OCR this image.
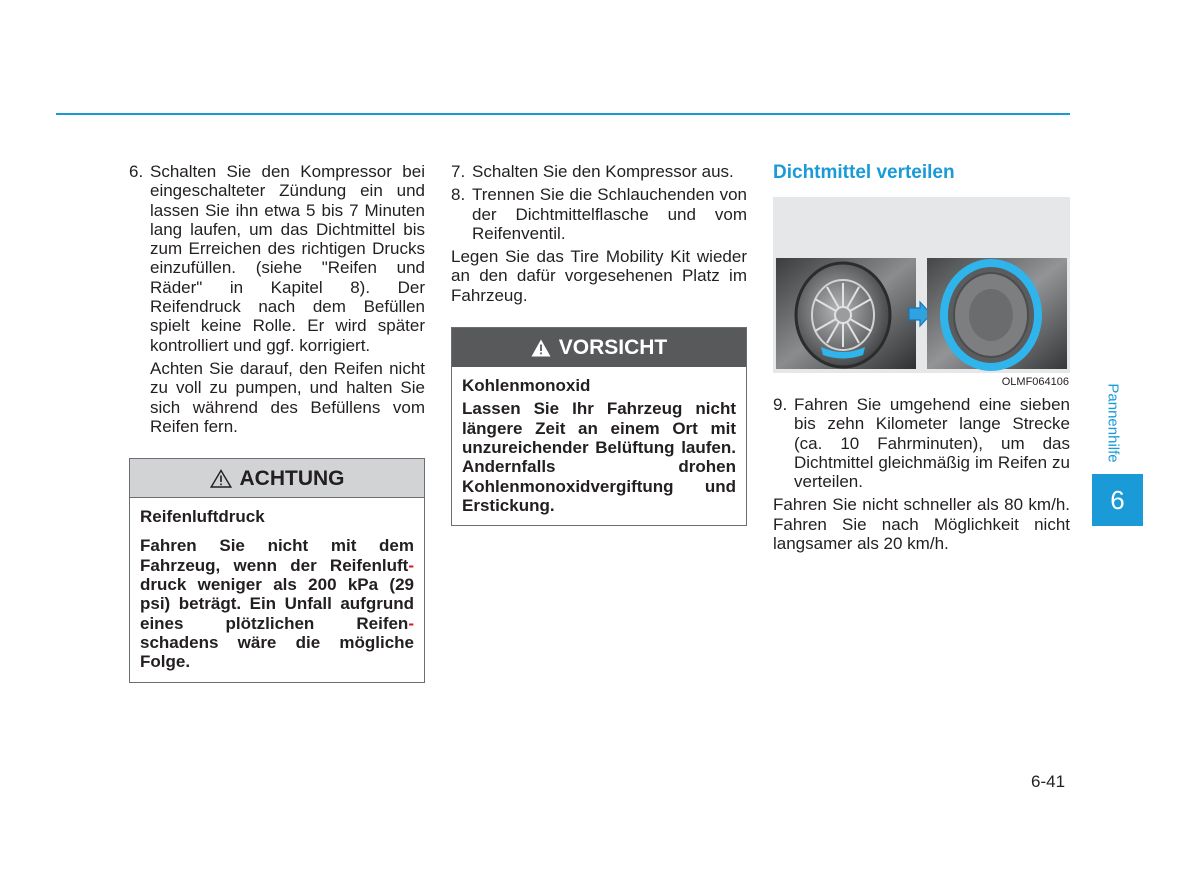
6. Schalten Sie den Kompressor bei eingeschalteter Zündung ein und lassen Sie ihn etwa 5 bis 7 Minuten lang laufen, um das Dichtmittel bis zum Erreichen des richtigen Drucks einzufüllen. (siehe "Reifen und Räder" in Kapitel 8). Der Reifendruck nach dem Befüllen spielt keine Rolle. Er wird später kontrolliert und ggf. korrigiert.

Achten Sie darauf, den Reifen nicht zu voll zu pumpen, und halten Sie sich während des Befüllens vom Reifen fern.

ACHTUNG

Reifenluftdruck

Fahren Sie nicht mit dem Fahrzeug, wenn der Reifenluft- druck weniger als 200 kPa (29 psi) beträgt. Ein Unfall aufgrund eines plötzlichen Reifen- schadens wäre die mögliche Folge.

7. Schalten Sie den Kompressor aus.

8. Trennen Sie die Schlauchenden von der Dichtmittelflasche und vom Reifenventil.

Legen Sie das Tire Mobility Kit wieder an den dafür vorgesehenen Platz im Fahrzeug.

VORSICHT

Kohlenmonoxid

Lassen Sie Ihr Fahrzeug nicht längere Zeit an einem Ort mit unzureichender Belüftung laufen. Andernfalls drohen Kohlenmonoxidvergiftung und Erstickung.

Dichtmittel verteilen
OLMF064106

9. Fahren Sie umgehend eine sieben bis zehn Kilometer lange Strecke (ca. 10 Fahrminuten), um das Dichtmittel gleichmäßig im Reifen zu verteilen.

Fahren Sie nicht schneller als 80 km/h. Fahren Sie nach Möglichkeit nicht langsamer als 20 km/h.

Pannenhilfe
6
6-41
